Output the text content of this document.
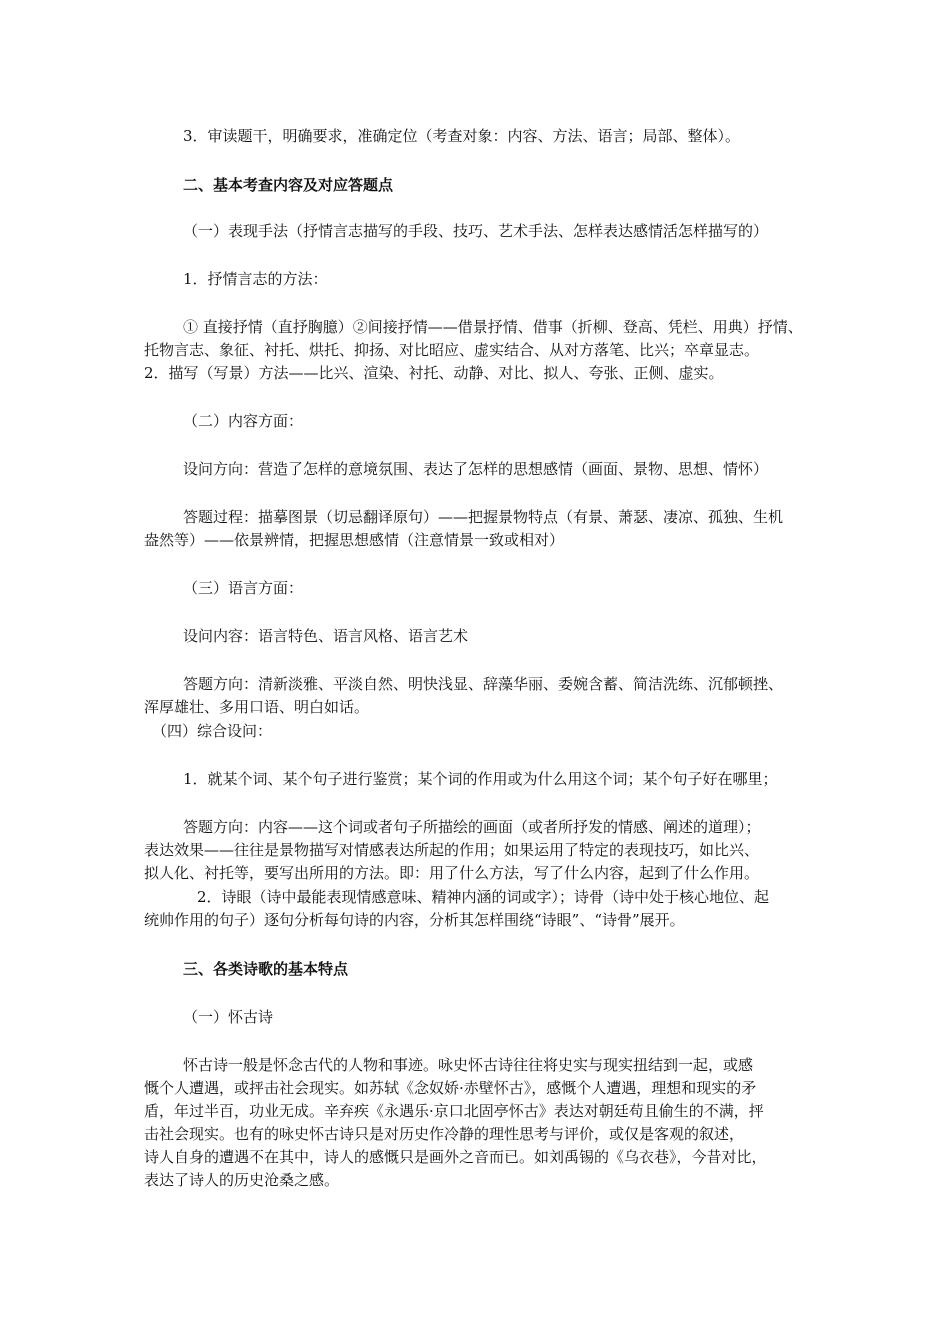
3．审读题干，明确要求，准确定位（考查对象：内容、方法、语言；局部、整体）。
二、基本考查内容及对应答题点
（一）表现手法（抒情言志描写的手段、技巧、艺术手法、怎样表达感情活怎样描写的）
1．抒情言志的方法：
① 直接抒情（直抒胸臆）②间接抒情——借景抒情、借事（折柳、登高、凭栏、用典）抒情、
托物言志、象征、衬托、烘托、抑扬、对比昭应、虚实结合、从对方落笔、比兴；卒章显志。
2．描写（写景）方法——比兴、渲染、衬托、动静、对比、拟人、夸张、正侧、虚实。
（二）内容方面：
设问方向：营造了怎样的意境氛围、表达了怎样的思想感情（画面、景物、思想、情怀）
答题过程：描摹图景（切忌翻译原句）——把握景物特点（有景、萧瑟、凄凉、孤独、生机
盎然等）——依景辨情，把握思想感情（注意情景一致或相对）
（三）语言方面：
设问内容：语言特色、语言风格、语言艺术
答题方向：清新淡雅、平淡自然、明快浅显、辞藻华丽、委婉含蓄、简洁洗练、沉郁顿挫、
浑厚雄壮、多用口语、明白如话。
（四）综合设问：
1．就某个词、某个句子进行鉴赏；某个词的作用或为什么用这个词；某个句子好在哪里；
答题方向：内容——这个词或者句子所描绘的画面（或者所抒发的情感、阐述的道理）；
表达效果——往往是景物描写对情感表达所起的作用；如果运用了特定的表现技巧，如比兴、
拟人化、衬托等，要写出所用的方法。即：用了什么方法，写了什么内容，起到了什么作用。
2．诗眼（诗中最能表现情感意味、精神内涵的词或字）；诗骨（诗中处于核心地位、起
统帅作用的句子）逐句分析每句诗的内容，分析其怎样围绕“诗眼”、“诗骨”展开。
三、各类诗歌的基本特点
（一）怀古诗
怀古诗一般是怀念古代的人物和事迹。咏史怀古诗往往将史实与现实扭结到一起，或感
慨个人遭遇，或抨击社会现实。如苏轼《念奴娇·赤壁怀古》，感慨个人遭遇，理想和现实的矛
盾，年过半百，功业无成。辛弃疾《永遇乐·京口北固亭怀古》表达对朝廷苟且偷生的不满，抨
击社会现实。也有的咏史怀古诗只是对历史作冷静的理性思考与评价，或仅是客观的叙述，
诗人自身的遭遇不在其中，诗人的感慨只是画外之音而已。如刘禹锡的《乌衣巷》，今昔对比，
表达了诗人的历史沧桑之感。
